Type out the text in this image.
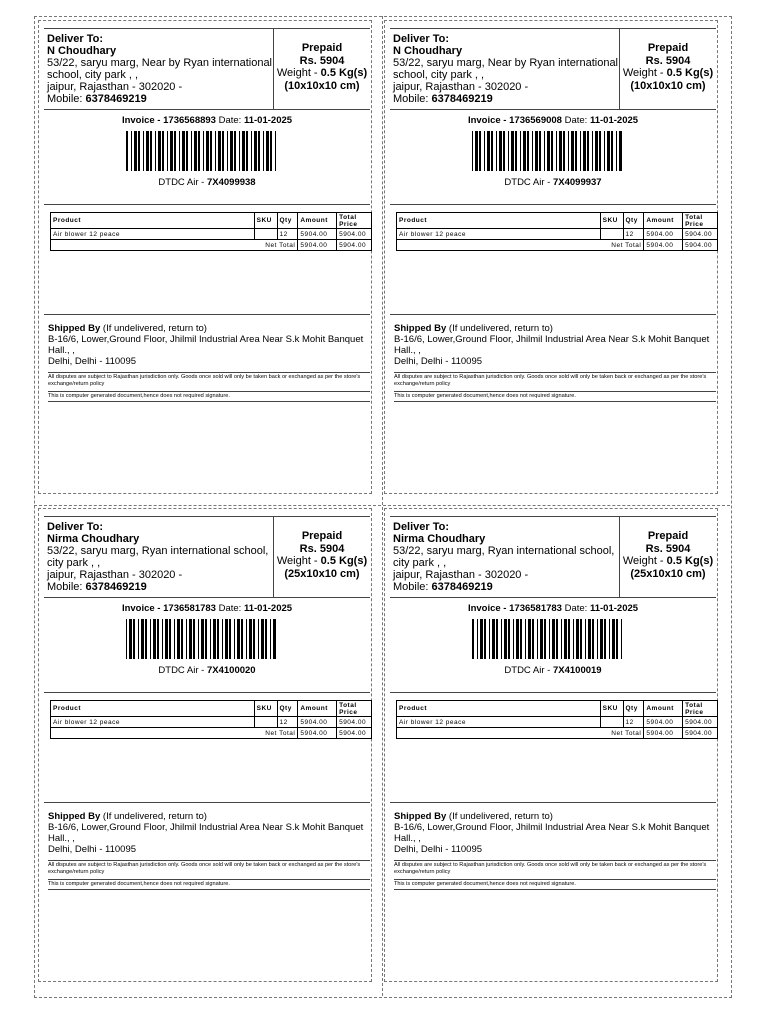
Deliver To:
N Choudhary
53/22, saryu marg, Near by Ryan international school, city park , ,
jaipur, Rajasthan - 302020 -
Mobile: 6378469219
Prepaid
Rs. 5904
Weight - 0.5 Kg(s)
(10x10x10 cm)
Invoice - 1736568893 Date: 11-01-2025
DTDC Air - 7X4099938
Product	SKU	Qty	Amount	Total Price
Air blower 12 peace		12	5904.00	5904.00
Net Total			5904.00	5904.00
Shipped By (If undelivered, return to)
B-16/6, Lower,Ground Floor, Jhilmil Industrial Area Near S.k Mohit Banquet Hall., ,
Delhi, Delhi - 110095
All disputes are subject to Rajasthan jurisdiction only. Goods once sold will only be taken back or exchanged as per the store's exchange/return policy
This is computer generated document,hence does not required signature.
Deliver To:
N Choudhary
53/22, saryu marg, Near by Ryan international school, city park , ,
jaipur, Rajasthan - 302020 -
Mobile: 6378469219
Prepaid
Rs. 5904
Weight - 0.5 Kg(s)
(10x10x10 cm)
Invoice - 1736569008 Date: 11-01-2025
DTDC Air - 7X4099937
Product	SKU	Qty	Amount	Total Price
Air blower 12 peace		12	5904.00	5904.00
Net Total			5904.00	5904.00
Shipped By (If undelivered, return to)
B-16/6, Lower,Ground Floor, Jhilmil Industrial Area Near S.k Mohit Banquet Hall., ,
Delhi, Delhi - 110095
All disputes are subject to Rajasthan jurisdiction only. Goods once sold will only be taken back or exchanged as per the store's exchange/return policy
This is computer generated document,hence does not required signature.
Deliver To:
Nirma Choudhary
53/22, saryu marg, Ryan international school, city park , ,
jaipur, Rajasthan - 302020 -
Mobile: 6378469219
Prepaid
Rs. 5904
Weight - 0.5 Kg(s)
(25x10x10 cm)
Invoice - 1736581783 Date: 11-01-2025
DTDC Air - 7X4100020
Product	SKU	Qty	Amount	Total Price
Air blower 12 peace		12	5904.00	5904.00
Net Total			5904.00	5904.00
Shipped By (If undelivered, return to)
B-16/6, Lower,Ground Floor, Jhilmil Industrial Area Near S.k Mohit Banquet Hall., ,
Delhi, Delhi - 110095
All disputes are subject to Rajasthan jurisdiction only. Goods once sold will only be taken back or exchanged as per the store's exchange/return policy
This is computer generated document,hence does not required signature.
Deliver To:
Nirma Choudhary
53/22, saryu marg, Ryan international school, city park , ,
jaipur, Rajasthan - 302020 -
Mobile: 6378469219
Prepaid
Rs. 5904
Weight - 0.5 Kg(s)
(25x10x10 cm)
Invoice - 1736581783 Date: 11-01-2025
DTDC Air - 7X4100019
Product	SKU	Qty	Amount	Total Price
Air blower 12 peace		12	5904.00	5904.00
Net Total			5904.00	5904.00
Shipped By (If undelivered, return to)
B-16/6, Lower,Ground Floor, Jhilmil Industrial Area Near S.k Mohit Banquet Hall., ,
Delhi, Delhi - 110095
All disputes are subject to Rajasthan jurisdiction only. Goods once sold will only be taken back or exchanged as per the store's exchange/return policy
This is computer generated document,hence does not required signature.
